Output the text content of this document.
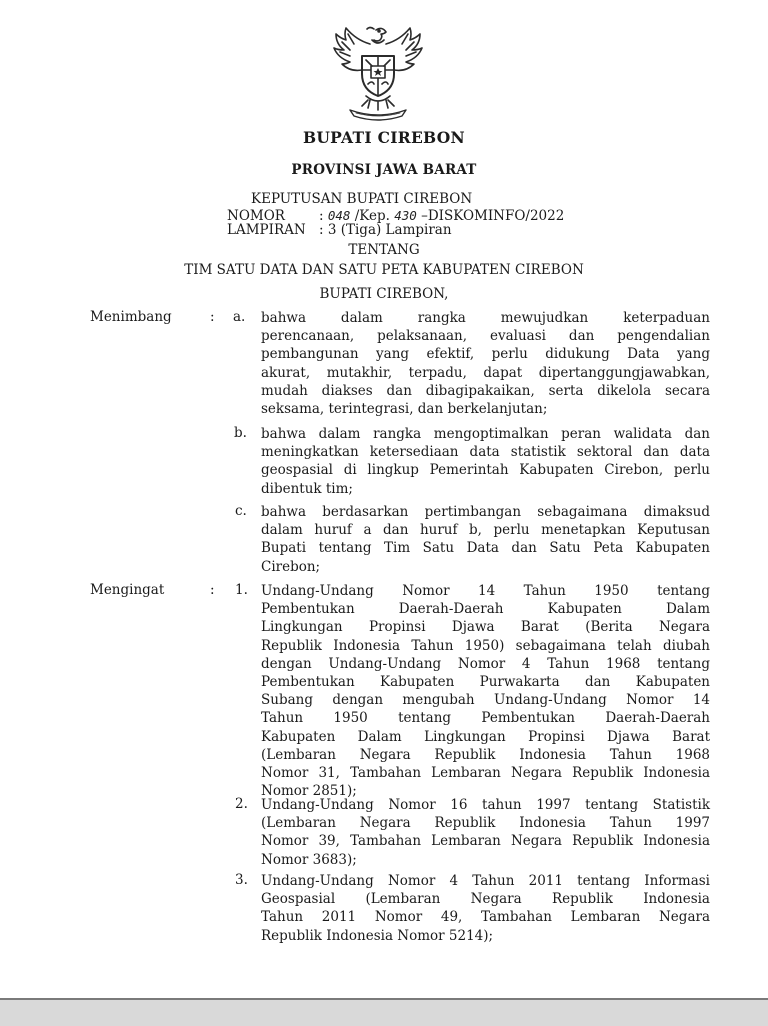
BUPATI CIREBON
PROVINSI JAWA BARAT
KEPUTUSAN BUPATI CIREBON
NOMOR	: 048 /Kep. 430 –DISKOMINFO/2022
LAMPIRAN : 3 (Tiga) Lampiran
TENTANG
TIM SATU DATA DAN SATU PETA KABUPATEN CIREBON
BUPATI CIREBON,
Menimbang	: a. bahwa dalam rangka mewujudkan keterpaduan
perencanaan, pelaksanaan, evaluasi dan pengendalian
pembangunan yang efektif, perlu didukung Data yang
akurat, mutakhir, terpadu, dapat dipertanggungjawabkan,
mudah diakses dan dibagipakaikan, serta dikelola secara
seksama, terintegrasi, dan berkelanjutan;
b. bahwa dalam rangka mengoptimalkan peran walidata dan
meningkatkan ketersediaan data statistik sektoral dan data
geospasial di lingkup Pemerintah Kabupaten Cirebon, perlu
dibentuk tim;
c. bahwa berdasarkan pertimbangan sebagaimana dimaksud
dalam huruf a dan huruf b, perlu menetapkan Keputusan
Bupati tentang Tim Satu Data dan Satu Peta Kabupaten
Cirebon;
Mengingat	: 1. Undang-Undang Nomor 14 Tahun 1950 tentang
Pembentukan Daerah-Daerah Kabupaten Dalam
Lingkungan Propinsi Djawa Barat (Berita Negara
Republik Indonesia Tahun 1950) sebagaimana telah diubah
dengan Undang-Undang Nomor 4 Tahun 1968 tentang
Pembentukan Kabupaten Purwakarta dan Kabupaten
Subang dengan mengubah Undang-Undang Nomor 14
Tahun 1950 tentang Pembentukan Daerah-Daerah
Kabupaten Dalam Lingkungan Propinsi Djawa Barat
(Lembaran Negara Republik Indonesia Tahun 1968
Nomor 31, Tambahan Lembaran Negara Republik Indonesia
Nomor 2851);
2. Undang-Undang Nomor 16 tahun 1997 tentang Statistik
(Lembaran Negara Republik Indonesia Tahun 1997
Nomor 39, Tambahan Lembaran Negara Republik Indonesia
Nomor 3683);
3. Undang-Undang Nomor 4 Tahun 2011 tentang Informasi
Geospasial (Lembaran Negara Republik Indonesia
Tahun 2011 Nomor 49, Tambahan Lembaran Negara
Republik Indonesia Nomor 5214);
